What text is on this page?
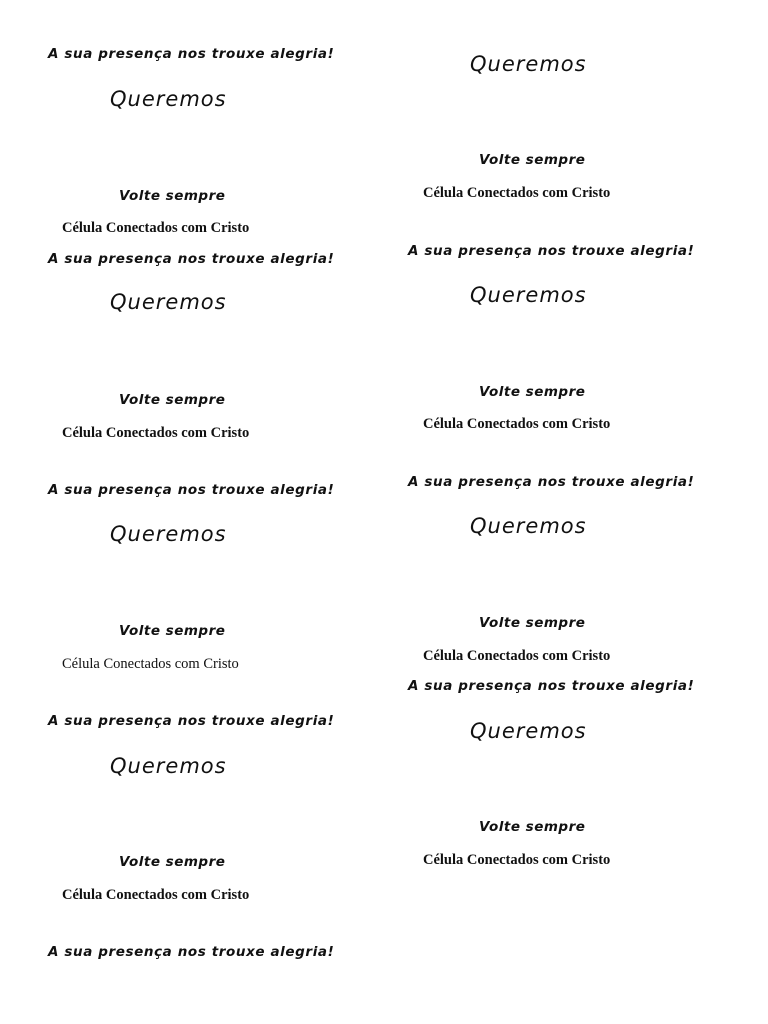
A sua presença nos trouxe alegria!
Queremos
Volte sempre
Célula Conectados com Cristo
A sua presença nos trouxe alegria!
Queremos
Volte sempre
Célula Conectados com Cristo
A sua presença nos trouxe alegria!
Queremos
Volte sempre
Célula Conectados com Cristo
A sua presença nos trouxe alegria!
Queremos
Volte sempre
Célula Conectados com Cristo
A sua presença nos trouxe alegria!
Queremos
Volte sempre
Célula Conectados com Cristo
A sua presença nos trouxe alegria!
Queremos
Volte sempre
Célula Conectados com Cristo
A sua presença nos trouxe alegria!
Queremos
Volte sempre
Célula Conectados com Cristo
A sua presença nos trouxe alegria!
Queremos
Volte sempre
Célula Conectados com Cristo
